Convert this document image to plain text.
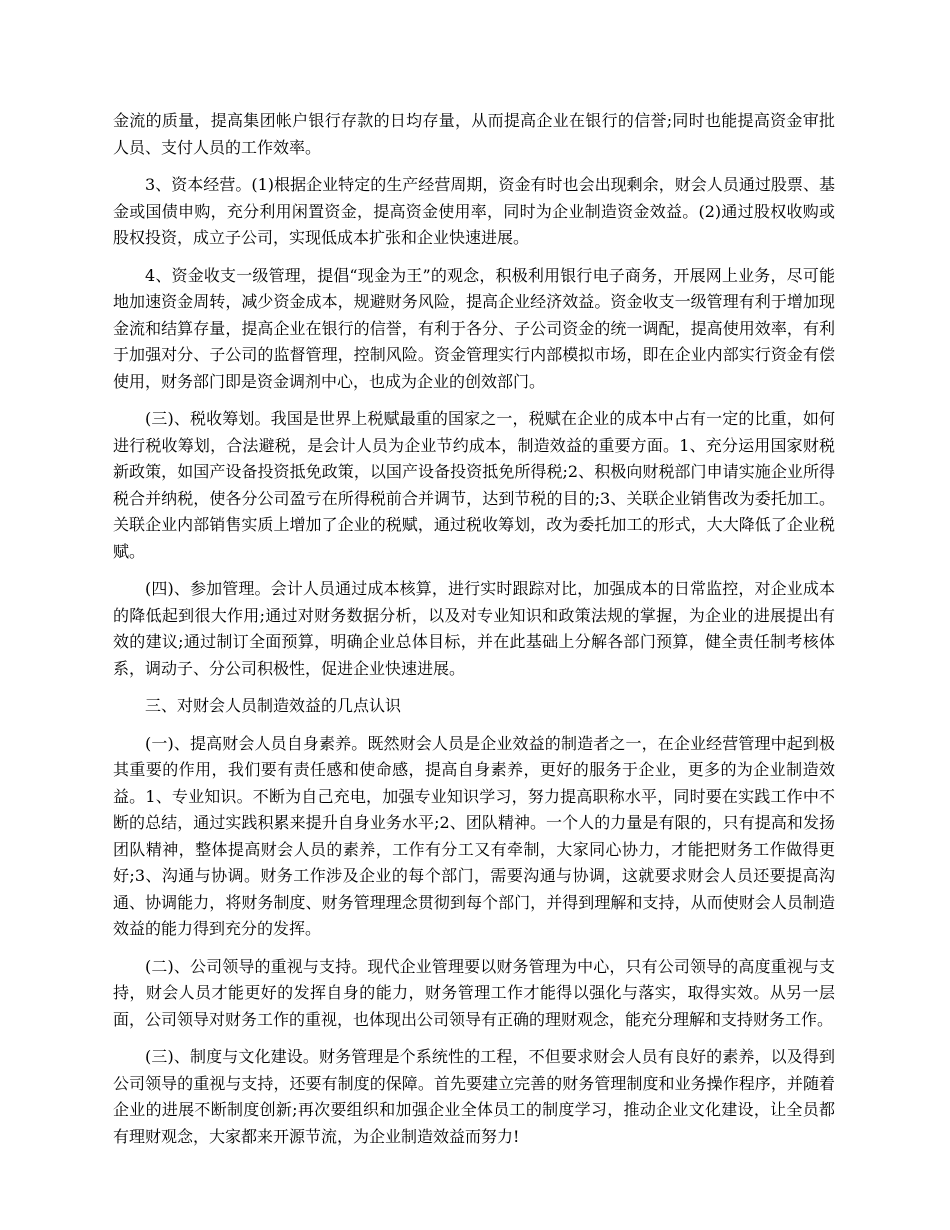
金流的质量，提高集团帐户银行存款的日均存量，从而提高企业在银行的信誉;同时也能提高资金审批人员、支付人员的工作效率。

3、资本经营。(1)根据企业特定的生产经营周期，资金有时也会出现剩余，财会人员通过股票、基金或国债申购，充分利用闲置资金，提高资金使用率，同时为企业制造资金效益。(2)通过股权收购或股权投资，成立子公司，实现低成本扩张和企业快速进展。

4、资金收支一级管理，提倡“现金为王”的观念，积极利用银行电子商务，开展网上业务，尽可能地加速资金周转，减少资金成本，规避财务风险，提高企业经济效益。资金收支一级管理有利于增加现金流和结算存量，提高企业在银行的信誉，有利于各分、子公司资金的统一调配，提高使用效率，有利于加强对分、子公司的监督管理，控制风险。资金管理实行内部模拟市场，即在企业内部实行资金有偿使用，财务部门即是资金调剂中心，也成为企业的创效部门。

(三)、税收筹划。我国是世界上税赋最重的国家之一，税赋在企业的成本中占有一定的比重，如何进行税收筹划，合法避税，是会计人员为企业节约成本，制造效益的重要方面。1、充分运用国家财税新政策，如国产设备投资抵免政策，以国产设备投资抵免所得税;2、积极向财税部门申请实施企业所得税合并纳税，使各分公司盈亏在所得税前合并调节，达到节税的目的;3、关联企业销售改为委托加工。关联企业内部销售实质上增加了企业的税赋，通过税收筹划，改为委托加工的形式，大大降低了企业税赋。

(四)、参加管理。会计人员通过成本核算，进行实时跟踪对比，加强成本的日常监控，对企业成本的降低起到很大作用;通过对财务数据分析，以及对专业知识和政策法规的掌握，为企业的进展提出有效的建议;通过制订全面预算，明确企业总体目标，并在此基础上分解各部门预算，健全责任制考核体系，调动子、分公司积极性，促进企业快速进展。

三、对财会人员制造效益的几点认识

(一)、提高财会人员自身素养。既然财会人员是企业效益的制造者之一，在企业经营管理中起到极其重要的作用，我们要有责任感和使命感，提高自身素养，更好的服务于企业，更多的为企业制造效益。1、专业知识。不断为自己充电，加强专业知识学习，努力提高职称水平，同时要在实践工作中不断的总结，通过实践积累来提升自身业务水平;2、团队精神。一个人的力量是有限的，只有提高和发扬团队精神，整体提高财会人员的素养，工作有分工又有牵制，大家同心协力，才能把财务工作做得更好;3、沟通与协调。财务工作涉及企业的每个部门，需要沟通与协调，这就要求财会人员还要提高沟通、协调能力，将财务制度、财务管理理念贯彻到每个部门，并得到理解和支持，从而使财会人员制造效益的能力得到充分的发挥。

(二)、公司领导的重视与支持。现代企业管理要以财务管理为中心，只有公司领导的高度重视与支持，财会人员才能更好的发挥自身的能力，财务管理工作才能得以强化与落实，取得实效。从另一层面，公司领导对财务工作的重视，也体现出公司领导有正确的理财观念，能充分理解和支持财务工作。

(三)、制度与文化建设。财务管理是个系统性的工程，不但要求财会人员有良好的素养，以及得到公司领导的重视与支持，还要有制度的保障。首先要建立完善的财务管理制度和业务操作程序，并随着企业的进展不断制度创新;再次要组织和加强企业全体员工的制度学习，推动企业文化建设，让全员都有理财观念，大家都来开源节流，为企业制造效益而努力!
